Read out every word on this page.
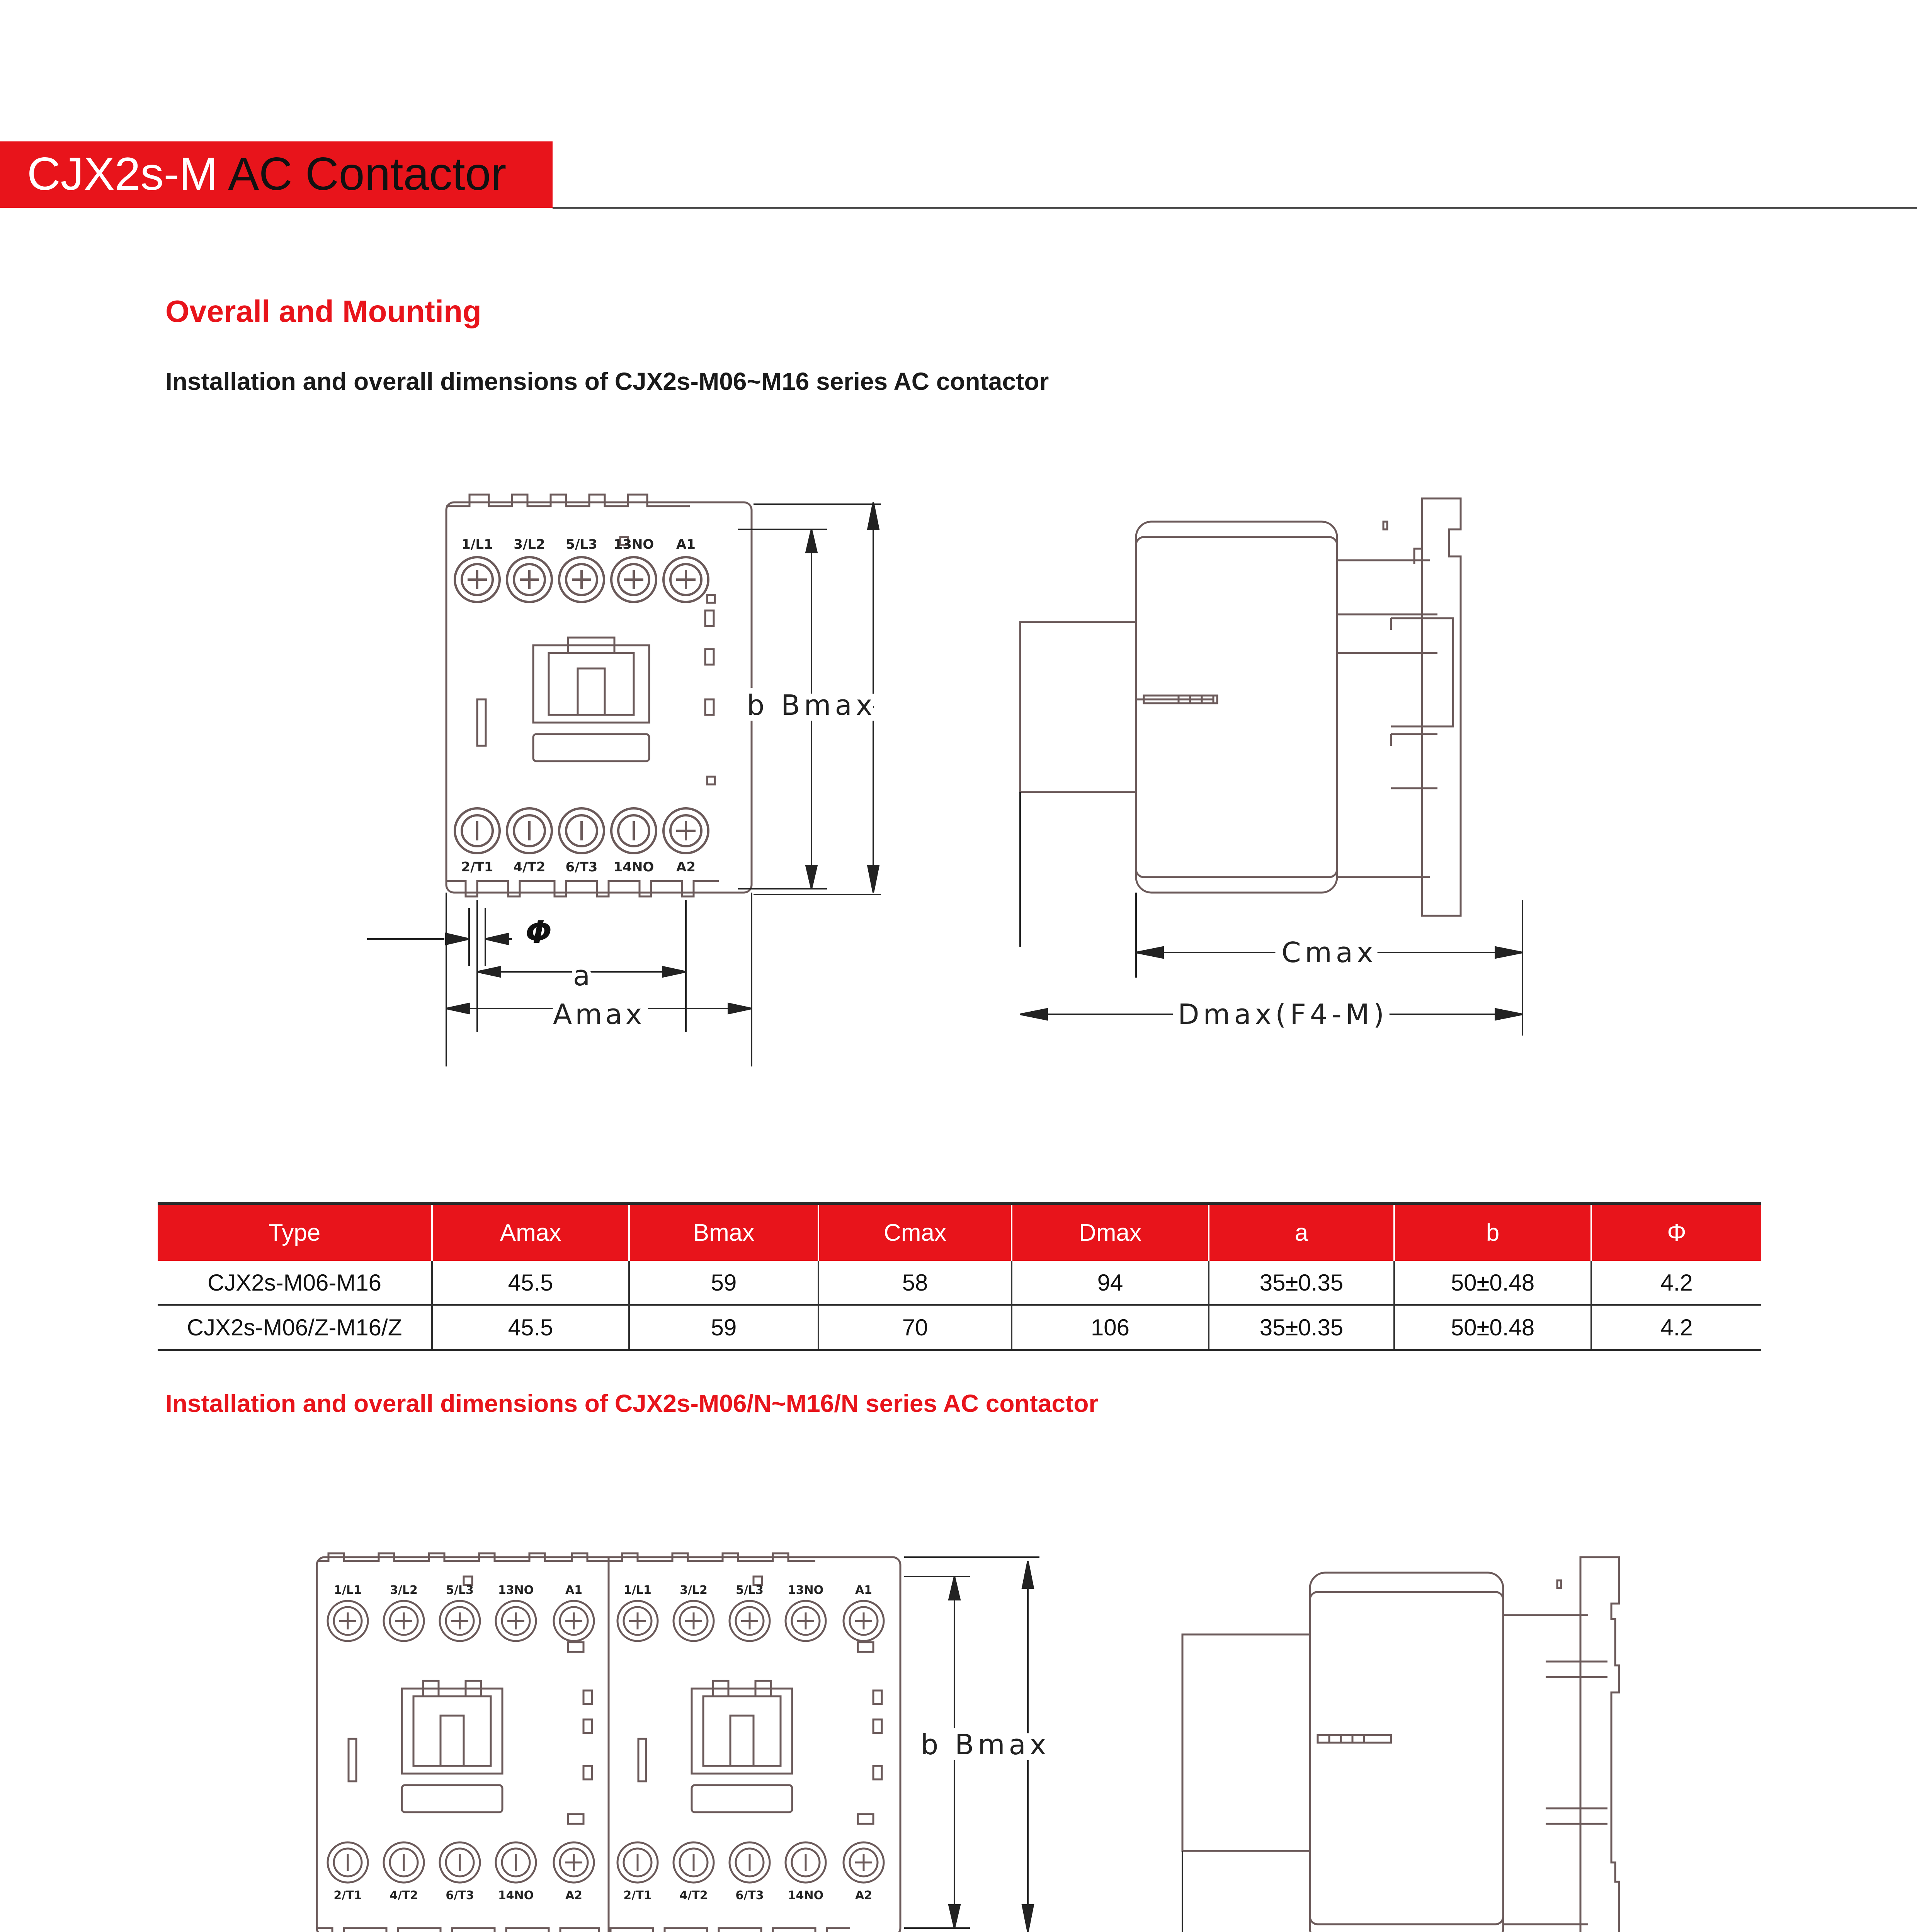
CJX2s-M AC Contactor
Overall and Mounting
Installation and overall dimensions of CJX2s-M06~M16 series AC contactor
1/L1 3/L2 5/L3 13NO A1
2/T1 4/T2 6/T3 14NO A2
b Bmax
Φ
a
Amax
Cmax
Dmax(F4-M)
Type	Amax	Bmax	Cmax	Dmax	a	b	Φ
CJX2s-M06-M16	45.5	59	58	94	35±0.35	50±0.48	4.2
CJX2s-M06/Z-M16/Z	45.5	59	70	106	35±0.35	50±0.48	4.2
Installation and overall dimensions of CJX2s-M06/N~M16/N series AC contactor
1/L1 3/L2 5/L3 13NO	A1	1/L1 3/L2 5/L3 13NO	A1
2/T1 4/T2 6/T3 14NO	A2	2/T1 4/T2 6/T3 14NO	A2
b Bmax
